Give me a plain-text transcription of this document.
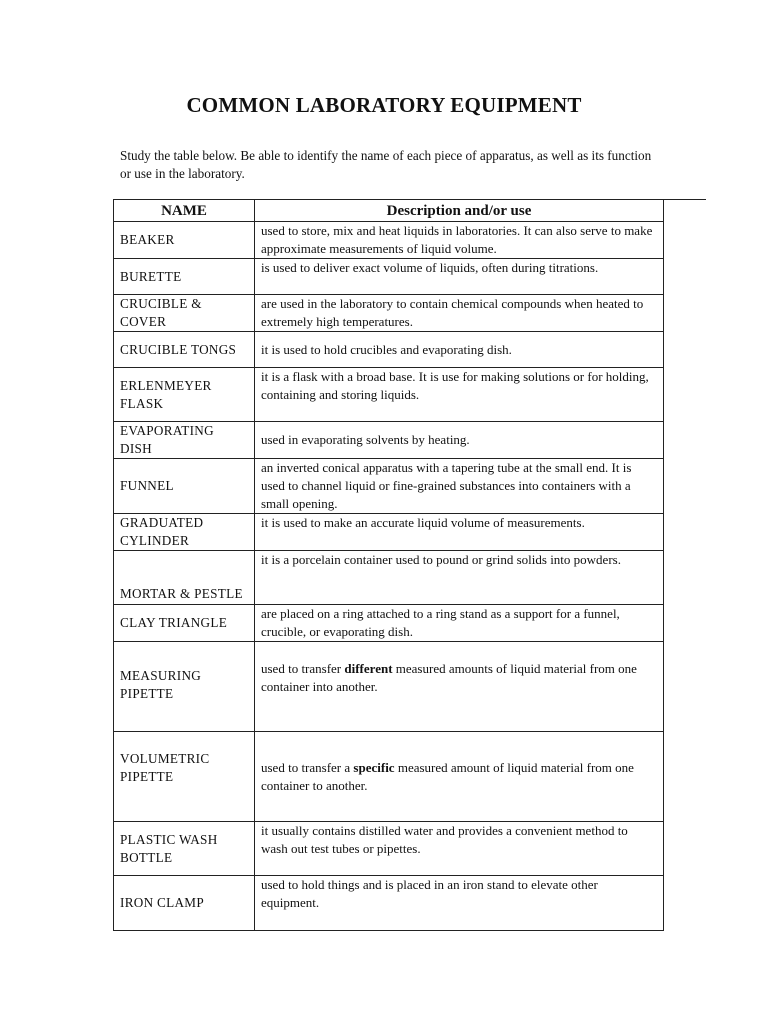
COMMON LABORATORY EQUIPMENT
Study the table below. Be able to identify the name of each piece of apparatus, as well as its function or use in the laboratory.
NAME	Description and/or use
BEAKER	used to store, mix and heat liquids in laboratories. It can also serve to make approximate measurements of liquid volume.
BURETTE	is used to deliver exact volume of liquids, often during titrations.
CRUCIBLE & COVER	are used in the laboratory to contain chemical compounds when heated to extremely high temperatures.
CRUCIBLE TONGS	it is used to hold crucibles and evaporating dish.
ERLENMEYER FLASK	it is a flask with a broad base. It is use for making solutions or for holding, containing and storing liquids.
EVAPORATING DISH	used in evaporating solvents by heating.
FUNNEL	an inverted conical apparatus with a tapering tube at the small end. It is used to channel liquid or fine-grained substances into containers with a small opening.
GRADUATED CYLINDER	it is used to make an accurate liquid volume of measurements.
MORTAR & PESTLE	it is a porcelain container used to pound or grind solids into powders.
CLAY TRIANGLE	are placed on a ring attached to a ring stand as a support for a funnel, crucible, or evaporating dish.
MEASURING PIPETTE	used to transfer different measured amounts of liquid material from one container into another.
VOLUMETRIC PIPETTE	used to transfer a specific measured amount of liquid material from one container to another.
PLASTIC WASH BOTTLE	it usually contains distilled water and provides a convenient method to wash out test tubes or pipettes.
IRON CLAMP	used to hold things and is placed in an iron stand to elevate other equipment.
